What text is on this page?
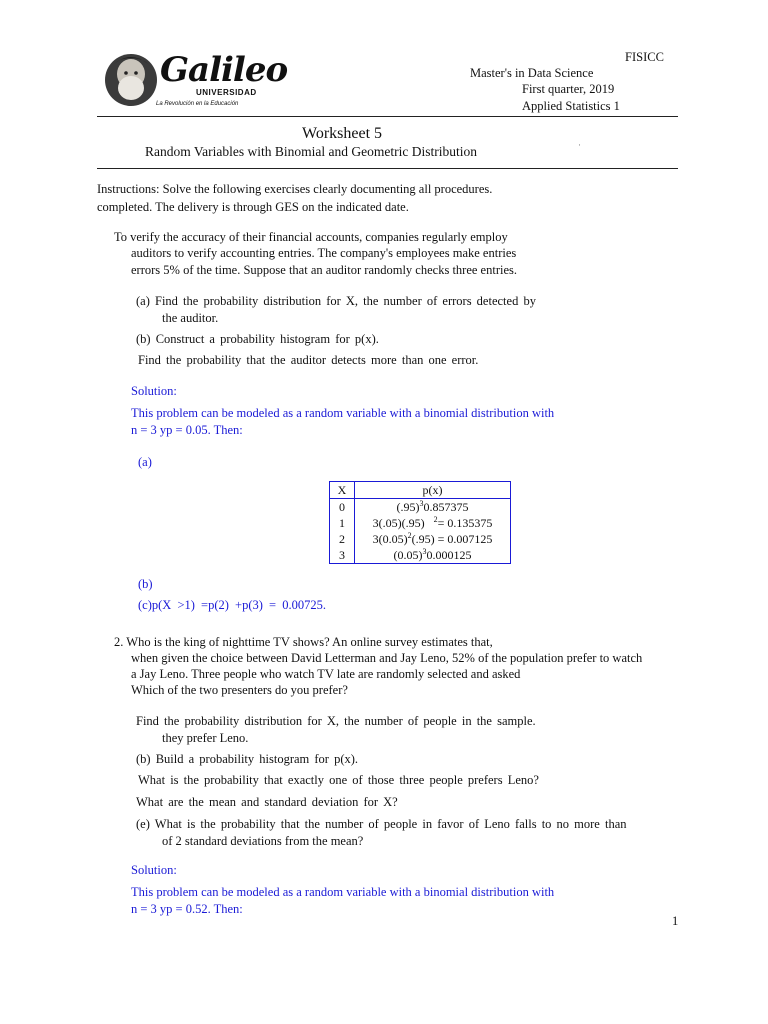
FISICC
Master's in Data Science
First quarter, 2019
Applied Statistics 1
Galileo
UNIVERSIDAD
La Revolución en la Educación
Worksheet 5
Random Variables with Binomial and Geometric Distribution	·
Instructions: Solve the following exercises clearly documenting all procedures.
completed. The delivery is through GES on the indicated date.
To verify the accuracy of their financial accounts, companies regularly employ
auditors to verify accounting entries. The company's employees make entries
errors 5% of the time. Suppose that an auditor randomly checks three entries.
(a) Find the probability distribution for X, the number of errors detected by
the auditor.
(b) Construct a probability histogram for p(x).
Find the probability that the auditor detects more than one error.
Solution:
This problem can be modeled as a random variable with a binomial distribution with
n = 3 yp = 0.05. Then:
(a)
X	p(x)
0	$(.95)^30.857375$
1	3(.05)(.95) $^2$= 0.135375
2	$3(0.05)^2(.95) = 0.007125$
3	$(0.05)^30.000125$
(b)
(c)p(X >1) =p(2) +p(3) = 0.00725.
2. Who is the king of nighttime TV shows? An online survey estimates that,
when given the choice between David Letterman and Jay Leno, 52% of the population prefer to watch
a Jay Leno. Three people who watch TV late are randomly selected and asked
Which of the two presenters do you prefer?
Find the probability distribution for X, the number of people in the sample.
they prefer Leno.
(b) Build a probability histogram for p(x).
What is the probability that exactly one of those three people prefers Leno?
What are the mean and standard deviation for X?
(e) What is the probability that the number of people in favor of Leno falls to no more than
of 2 standard deviations from the mean?
Solution:
This problem can be modeled as a random variable with a binomial distribution with
n = 3 yp = 0.52. Then:
1
